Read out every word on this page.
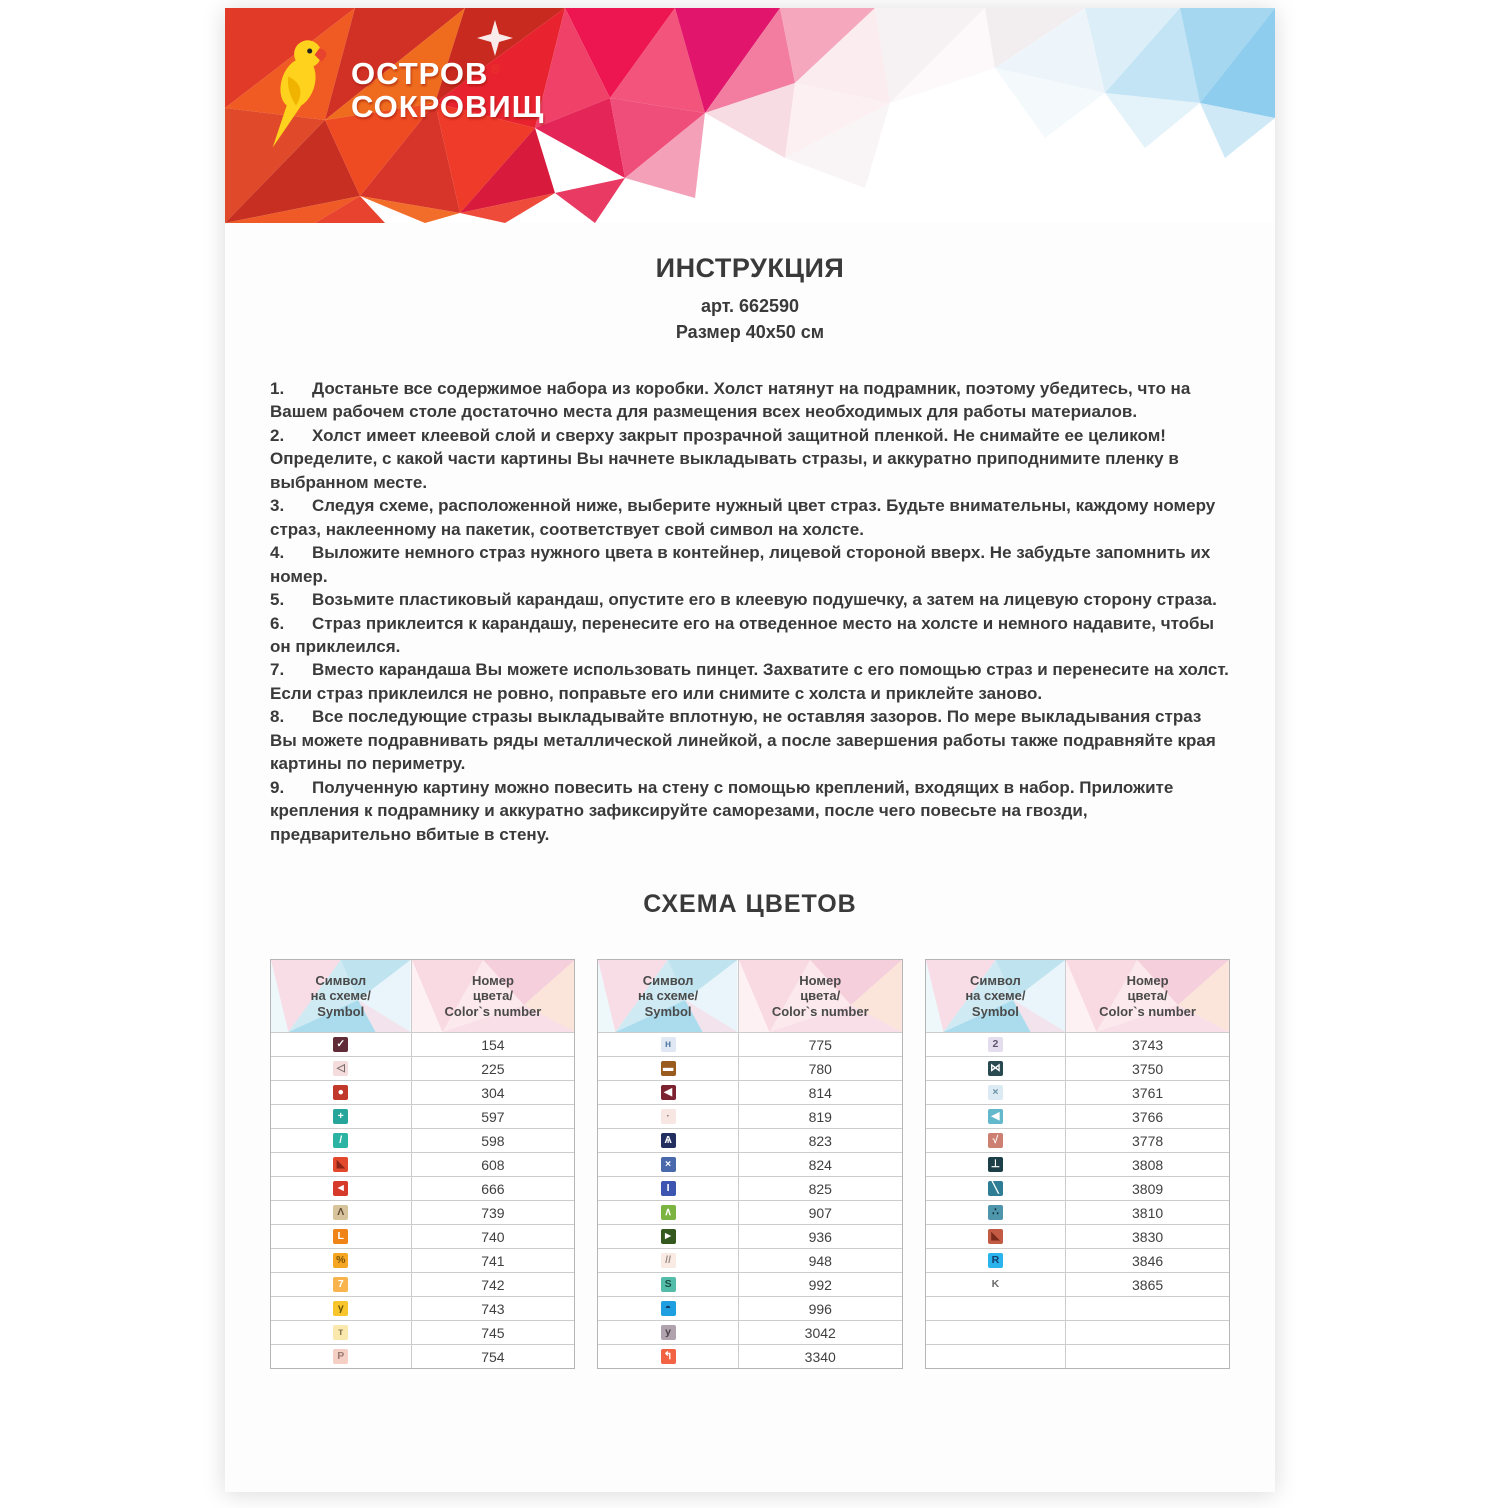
ОСТРОВ ®
СОКРОВИЩ
ИНСТРУКЦИЯ
арт. 662590
Размер 40х50 см

1. Достаньте все содержимое набора из коробки. Холст натянут на подрамник, поэтому убедитесь, что на Вашем рабочем столе достаточно места для размещения всех необходимых для работы материалов.

2. Холст имеет клеевой слой и сверху закрыт прозрачной защитной пленкой. Не снимайте ее целиком! Определите, с какой части картины Вы начнете выкладывать стразы, и аккуратно приподнимите пленку в выбранном месте.

3. Следуя схеме, расположенной ниже, выберите нужный цвет страз. Будьте внимательны, каждому номеру страз, наклеенному на пакетик, соответствует свой символ на холсте.

4. Выложите немного страз нужного цвета в контейнер, лицевой стороной вверх. Не забудьте запомнить их номер.

5. Возьмите пластиковый карандаш, опустите его в клеевую подушечку, а затем на лицевую сторону страза.

6. Страз приклеится к карандашу, перенесите его на отведенное место на холсте и немного надавите, чтобы он приклеился.

7. Вместо карандаша Вы можете использовать пинцет. Захватите с его помощью страз и перенесите на холст. Если страз приклеился не ровно, поправьте его или снимите с холста и приклейте заново.

8. Все последующие стразы выкладывайте вплотную, не оставляя зазоров. По мере выкладывания страз Вы можете подравнивать ряды металлической линейкой, а после завершения работы также подравняйте края картины по периметру.

9. Полученную картину можно повесить на стену с помощью креплений, входящих в набор. Приложите крепления к подрамнику и аккуратно зафиксируйте саморезами, после чего повесьте на гвозди, предварительно вбитые в стену.

СХЕМА ЦВЕТОВ
Символ
на схеме/
Symbol
Номер
цвета/
Color`s number
✓	154
◁	225
●	304
+	597
/	598
◣	608
◄	666
Λ	739
L	740
%	741
7	742
γ	743
т	745
Р	754
Символ
на схеме/
Symbol
Номер
цвета/
Color`s number
н	775
▬	780
◀	814
·	819
Ѧ	823
×	824
I	825
∧	907
►	936
//	948
S	992
◓	996
у	3042
↰	3340
Символ
на схеме/
Symbol
Номер
цвета/
Color`s number
2	3743
⋈	3750
×	3761
◀	3766
√	3778
⊥	3808
╲	3809
∴	3810
◣	3830
R	3846
K	3865
